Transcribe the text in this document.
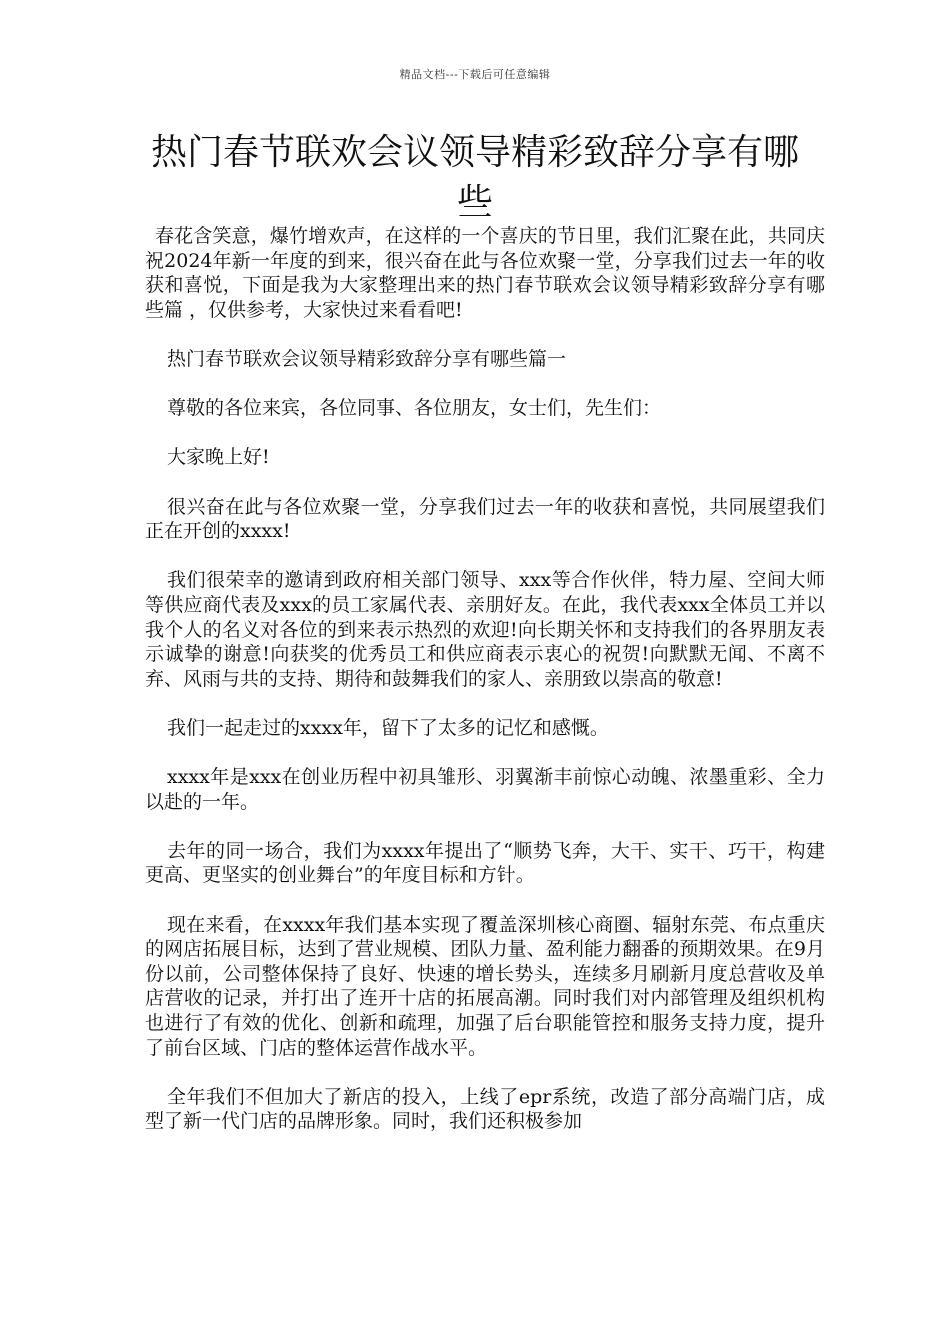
精品文档---下载后可任意编辑
热门春节联欢会议领导精彩致辞分享有哪些

春花含笑意，爆竹增欢声，在这样的一个喜庆的节日里，我们汇聚在此，共同庆祝2024年新一年度的到来，很兴奋在此与各位欢聚一堂，分享我们过去一年的收获和喜悦，下面是我为大家整理出来的热门春节联欢会议领导精彩致辞分享有哪些篇 ，仅供参考，大家快过来看看吧!

热门春节联欢会议领导精彩致辞分享有哪些篇一

尊敬的各位来宾，各位同事、各位朋友，女士们，先生们：

大家晚上好!

很兴奋在此与各位欢聚一堂，分享我们过去一年的收获和喜悦，共同展望我们正在开创的xxxx!

我们很荣幸的邀请到政府相关部门领导、xxx等合作伙伴，特力屋、空间大师等供应商代表及xxx的员工家属代表、亲朋好友。在此，我代表xxx全体员工并以我个人的名义对各位的到来表示热烈的欢迎!向长期关怀和支持我们的各界朋友表示诚挚的谢意!向获奖的优秀员工和供应商表示衷心的祝贺!向默默无闻、不离不弃、风雨与共的支持、期待和鼓舞我们的家人、亲朋致以崇高的敬意!

我们一起走过的xxxx年，留下了太多的记忆和感慨。

xxxx年是xxx在创业历程中初具雏形、羽翼渐丰前惊心动魄、浓墨重彩、全力以赴的一年。

去年的同一场合，我们为xxxx年提出了“顺势飞奔，大干、实干、巧干，构建更高、更坚实的创业舞台”的年度目标和方针。

现在来看，在xxxx年我们基本实现了覆盖深圳核心商圈、辐射东莞、布点重庆的网店拓展目标，达到了营业规模、团队力量、盈利能力翻番的预期效果。在9月份以前，公司整体保持了良好、快速的增长势头，连续多月刷新月度总营收及单店营收的记录，并打出了连开十店的拓展高潮。同时我们对内部管理及组织机构也进行了有效的优化、创新和疏理，加强了后台职能管控和服务支持力度，提升了前台区域、门店的整体运营作战水平。

全年我们不但加大了新店的投入，上线了epr系统，改造了部分高端门店，成型了新一代门店的品牌形象。同时，我们还积极参加
